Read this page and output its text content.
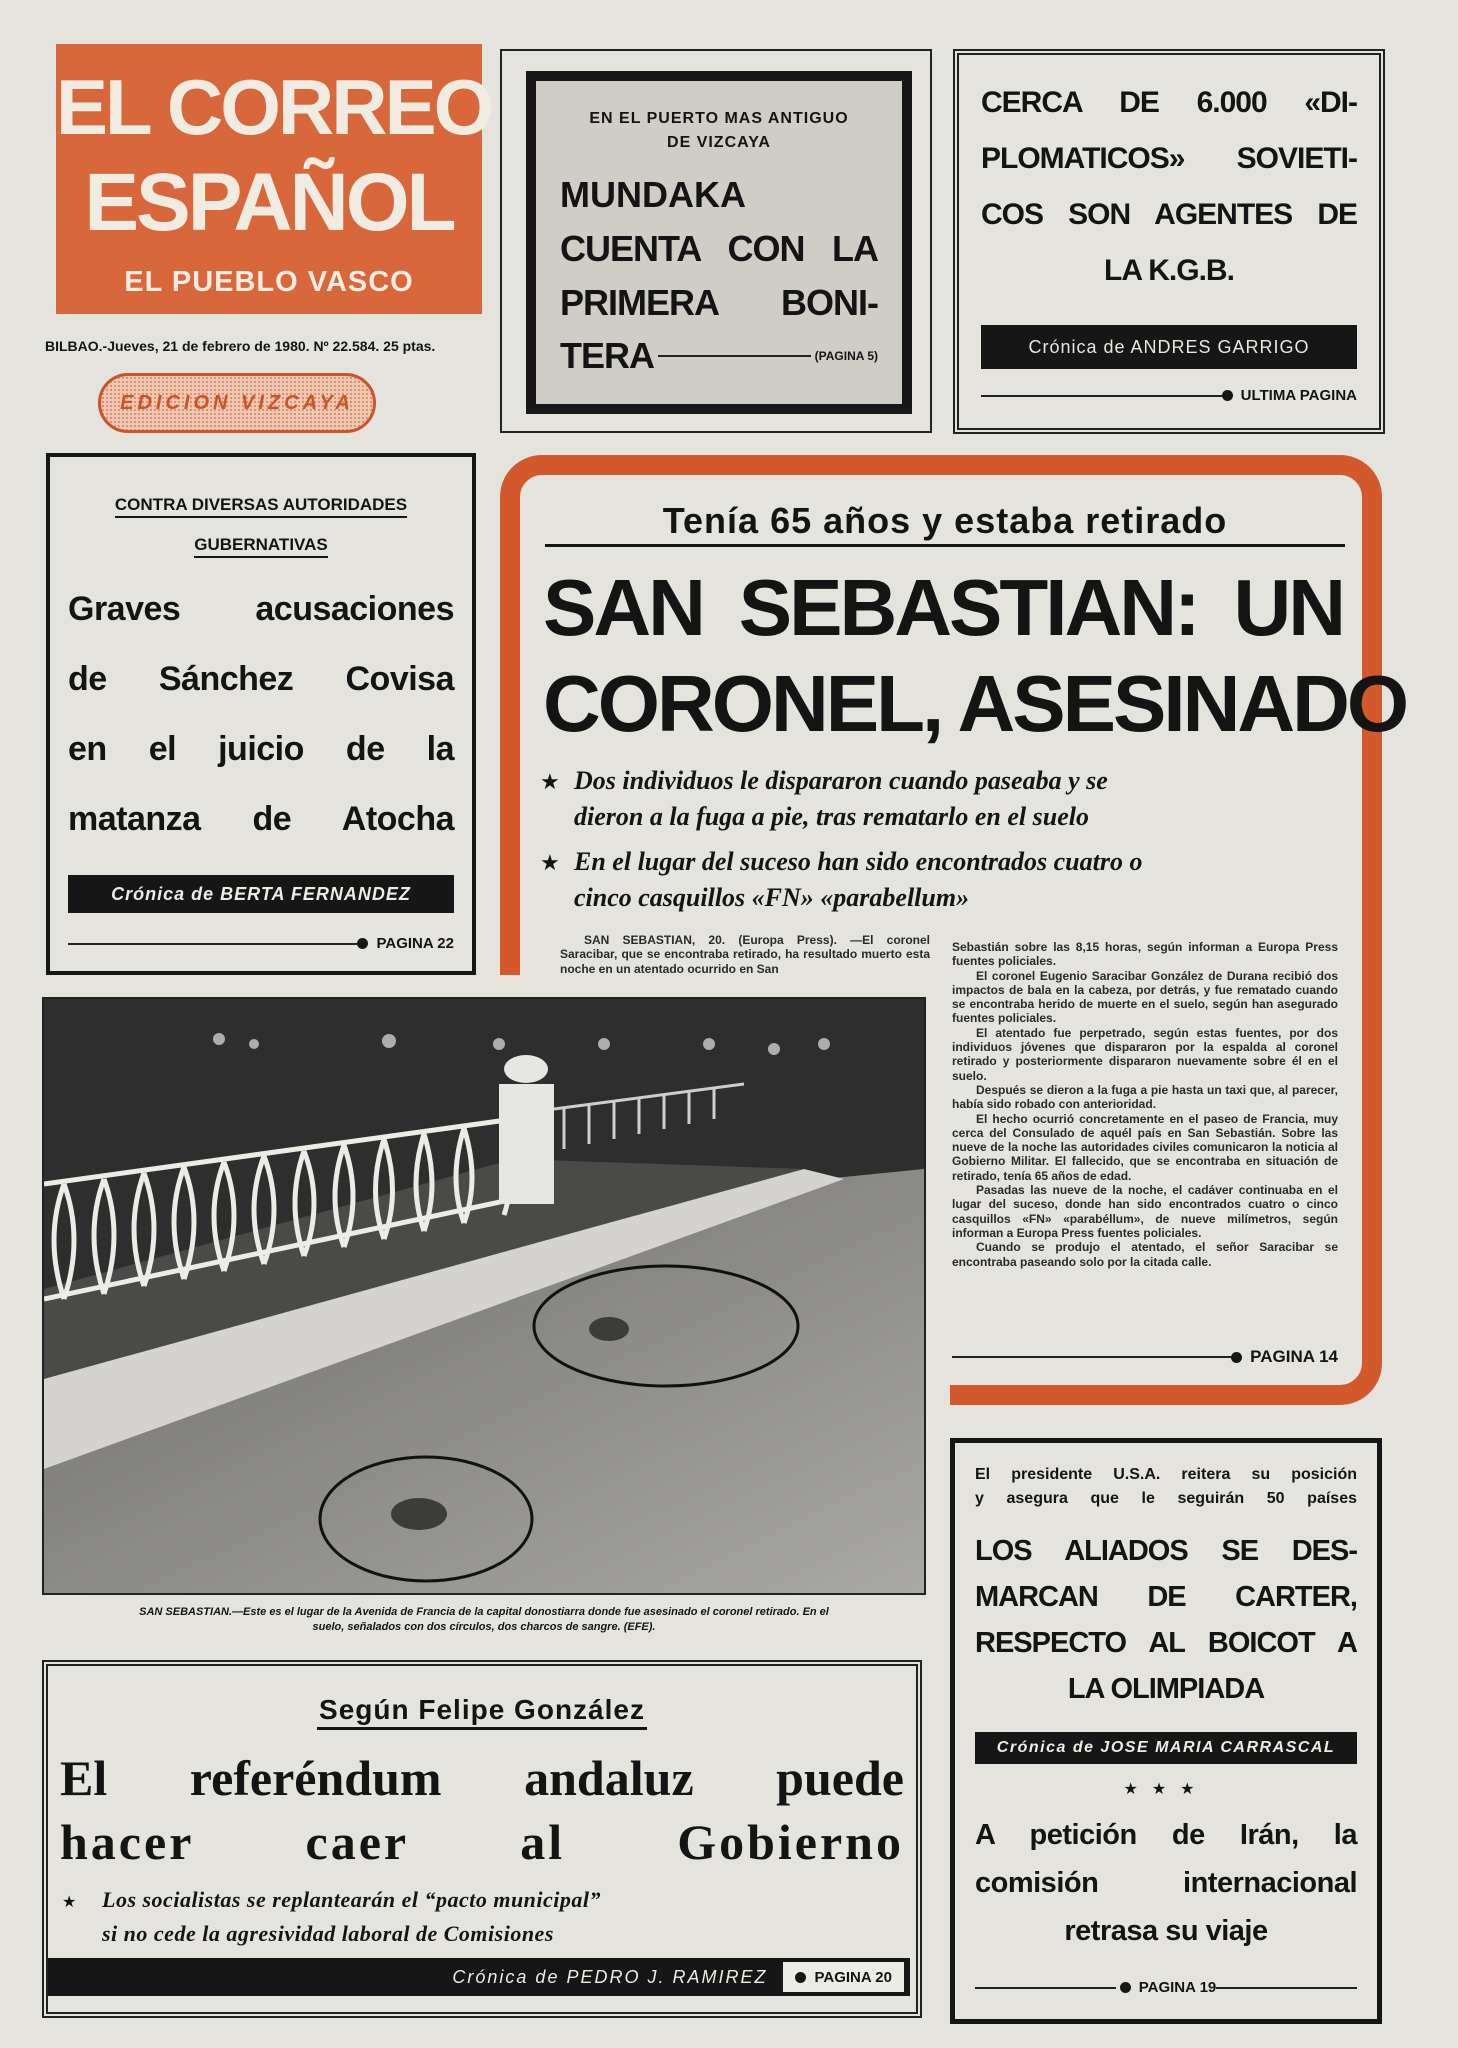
EL CORREO
ESPAÑOL
EL PUEBLO VASCO
BILBAO.-Jueves, 21 de febrero de 1980. Nº 22.584. 25 ptas.
EDICION VIZCAYA
EN EL PUERTO MAS ANTIGUO
DE VIZCAYA
MUNDAKA
CUENTA CON LA
PRIMERA BONI-
TERA	(PAGINA 5)
CERCA DE 6.000 «DI-
PLOMATICOS» SOVIETI-
COS SON AGENTES DE
LA K.G.B.
Crónica de ANDRES GARRIGO
ULTIMA PAGINA
CONTRA DIVERSAS AUTORIDADES
GUBERNATIVAS
Graves acusaciones
de Sánchez Covisa
en el juicio de la
matanza de Atocha
Crónica de BERTA FERNANDEZ
PAGINA 22
Tenía 65 años y estaba retirado
SAN SEBASTIAN: UN
CORONEL, ASESINADO
★ Dos individuos le dispararon cuando paseaba y se
dieron a la fuga a pie, tras rematarlo en el suelo
★ En el lugar del suceso han sido encontrados cuatro o
cinco casquillos «FN» «parabellum»

SAN SEBASTIAN, 20. (Europa Press). —El coronel Saracibar, que se encontraba retirado, ha resultado muerto esta noche en un atentado ocurrido en San

Sebastián sobre las 8,15 horas, según informan a Europa Press fuentes policiales.

El coronel Eugenio Saracibar González de Durana recibió dos impactos de bala en la cabeza, por detrás, y fue rematado cuando se encontraba herido de muerte en el suelo, según han asegurado fuentes policiales.

El atentado fue perpetrado, según estas fuentes, por dos individuos jóvenes que dispararon por la espalda al coronel retirado y posteriormente dispararon nuevamente sobre él en el suelo.

Después se dieron a la fuga a pie hasta un taxi que, al parecer, había sido robado con anterioridad.

El hecho ocurrió concretamente en el paseo de Francia, muy cerca del Consulado de aquél país en San Sebastián. Sobre las nueve de la noche las autoridades civiles comunicaron la noticia al Gobierno Militar. El fallecido, que se encontraba en situación de retirado, tenía 65 años de edad.

Pasadas las nueve de la noche, el cadáver continuaba en el lugar del suceso, donde han sido encontrados cuatro o cinco casquillos «FN» «parabéllum», de nueve milímetros, según informan a Europa Press fuentes policiales.

Cuando se produjo el atentado, el señor Saracibar se encontraba paseando solo por la citada calle.

PAGINA 14
SAN SEBASTIAN.—Este es el lugar de la Avenida de Francia de la capital donostiarra donde fue asesinado el coronel retirado. En el
suelo, señalados con dos círculos, dos charcos de sangre. (EFE).
Según Felipe González
El referéndum andaluz puede
hacer caer al Gobierno
★ Los socialistas se replantearán el “pacto municipal”
si no cede la agresividad laboral de Comisiones
Crónica de PEDRO J. RAMIREZ	PAGINA 20
El presidente U.S.A. reitera su posición
y asegura que le seguirán 50 países
LOS ALIADOS SE DES-
MARCAN DE CARTER,
RESPECTO AL BOICOT A
LA OLIMPIADA
Crónica de JOSE MARIA CARRASCAL
★★★
A petición de Irán, la
comisión internacional
retrasa su viaje
PAGINA 19
